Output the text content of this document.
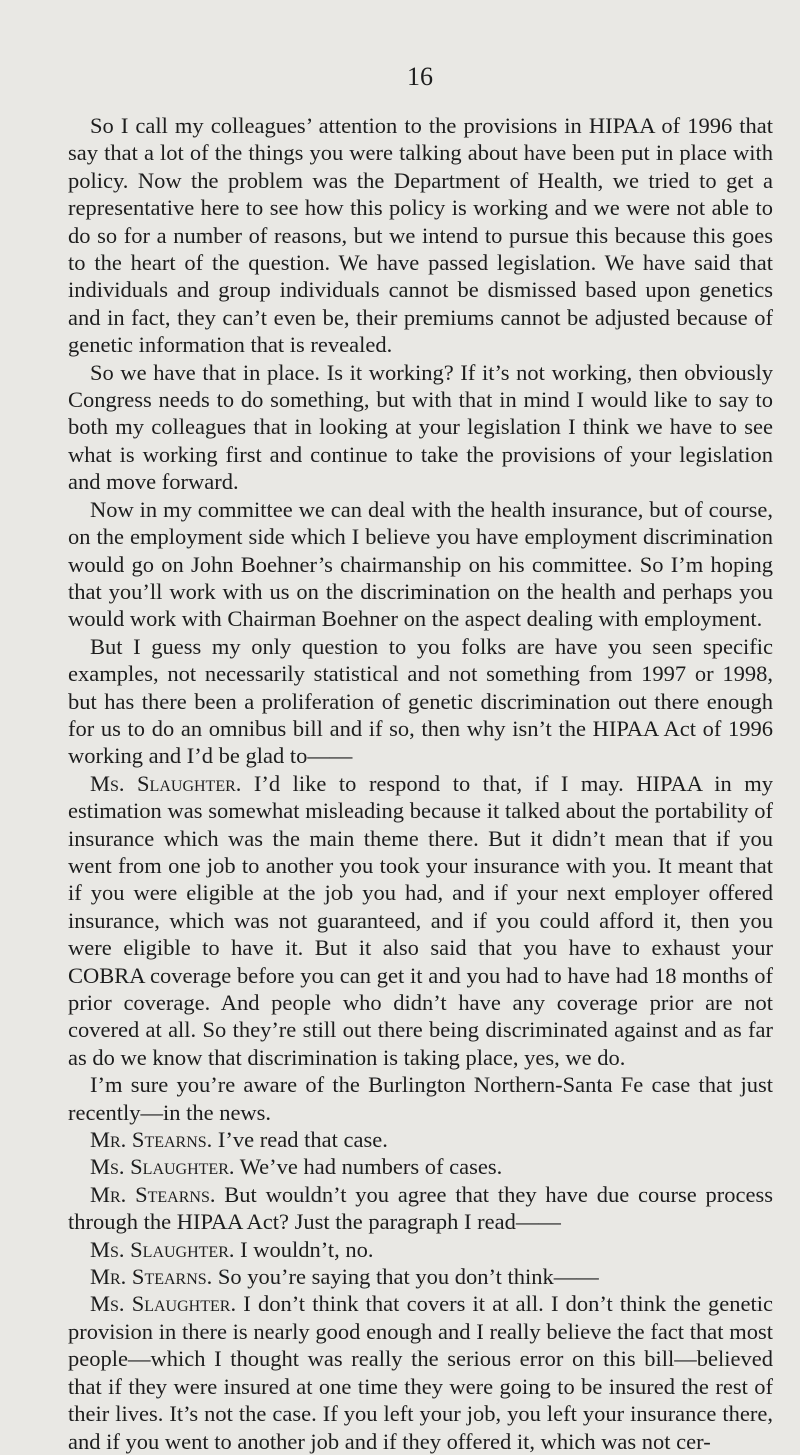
16

So I call my colleagues’ attention to the provisions in HIPAA of 1996 that say that a lot of the things you were talking about have been put in place with policy. Now the problem was the Department of Health, we tried to get a representative here to see how this policy is working and we were not able to do so for a number of reasons, but we intend to pursue this because this goes to the heart of the question. We have passed legislation. We have said that individuals and group individuals cannot be dismissed based upon genetics and in fact, they can’t even be, their premiums cannot be adjusted because of genetic information that is revealed.

So we have that in place. Is it working? If it’s not working, then obviously Congress needs to do something, but with that in mind I would like to say to both my colleagues that in looking at your legislation I think we have to see what is working first and continue to take the provisions of your legislation and move forward.

Now in my committee we can deal with the health insurance, but of course, on the employment side which I believe you have employment discrimination would go on John Boehner’s chairmanship on his committee. So I’m hoping that you’ll work with us on the discrimination on the health and perhaps you would work with Chairman Boehner on the aspect dealing with employment.

But I guess my only question to you folks are have you seen specific examples, not necessarily statistical and not something from 1997 or 1998, but has there been a proliferation of genetic discrimination out there enough for us to do an omnibus bill and if so, then why isn’t the HIPAA Act of 1996 working and I’d be glad to——

Ms. Slaughter. I’d like to respond to that, if I may. HIPAA in my estimation was somewhat misleading because it talked about the portability of insurance which was the main theme there. But it didn’t mean that if you went from one job to another you took your insurance with you. It meant that if you were eligible at the job you had, and if your next employer offered insurance, which was not guaranteed, and if you could afford it, then you were eligible to have it. But it also said that you have to exhaust your COBRA coverage before you can get it and you had to have had 18 months of prior coverage. And people who didn’t have any coverage prior are not covered at all. So they’re still out there being discriminated against and as far as do we know that discrimination is taking place, yes, we do.

I’m sure you’re aware of the Burlington Northern-Santa Fe case that just recently—in the news.

Mr. Stearns. I’ve read that case.

Ms. Slaughter. We’ve had numbers of cases.

Mr. Stearns. But wouldn’t you agree that they have due course process through the HIPAA Act? Just the paragraph I read——

Ms. Slaughter. I wouldn’t, no.

Mr. Stearns. So you’re saying that you don’t think——

Ms. Slaughter. I don’t think that covers it at all. I don’t think the genetic provision in there is nearly good enough and I really believe the fact that most people—which I thought was really the serious error on this bill—believed that if they were insured at one time they were going to be insured the rest of their lives. It’s not the case. If you left your job, you left your insurance there, and if you went to another job and if they offered it, which was not cer-
